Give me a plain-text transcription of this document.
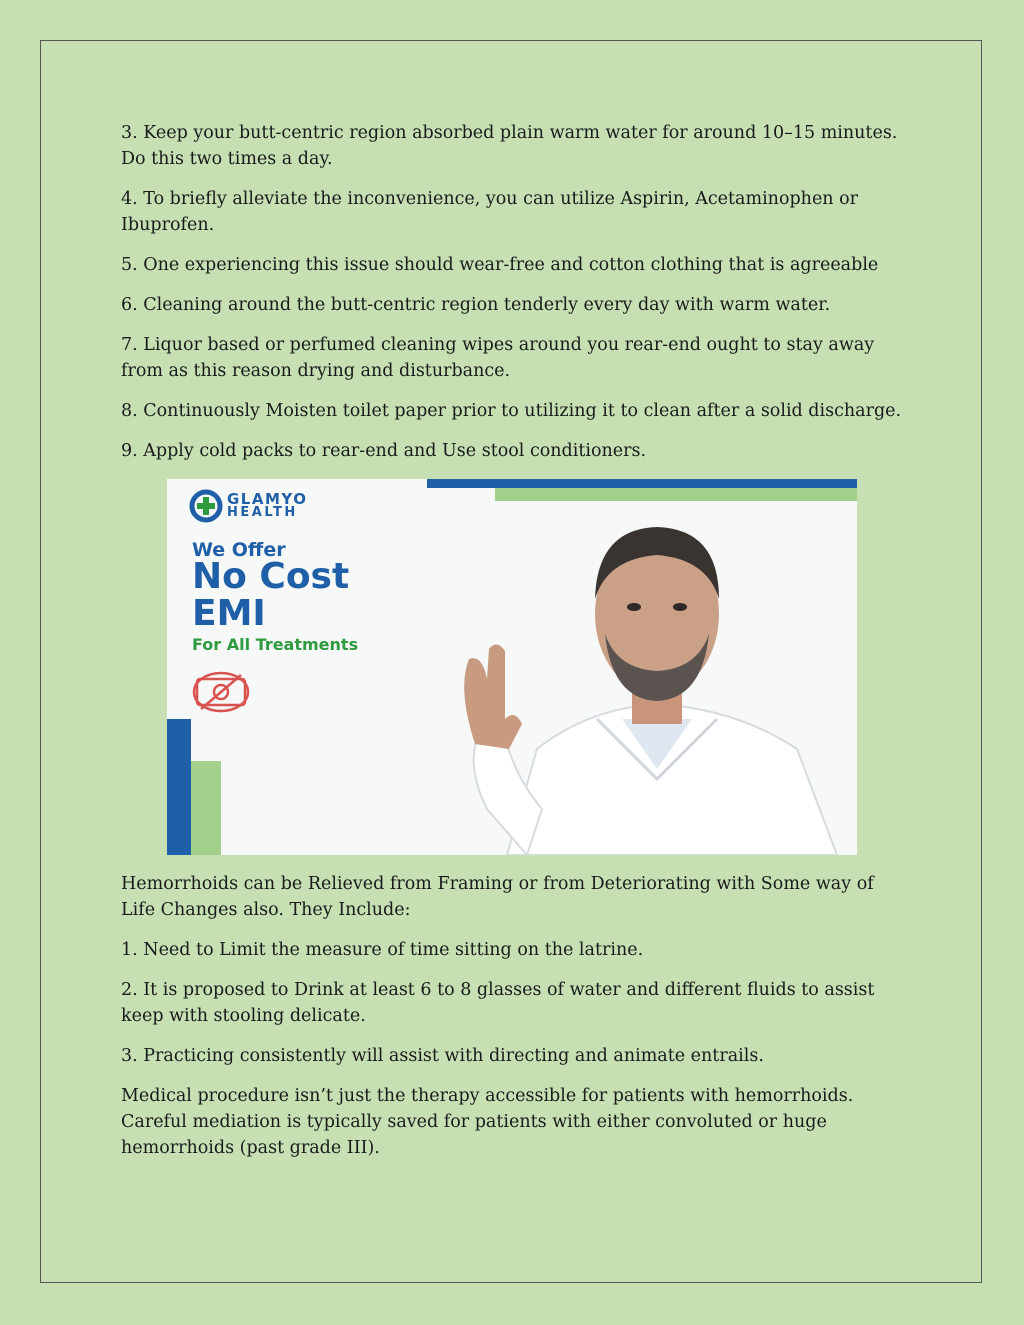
3. Keep your butt-centric region absorbed plain warm water for around 10–15 minutes. Do this two times a day.

4. To briefly alleviate the inconvenience, you can utilize Aspirin, Acetaminophen or Ibuprofen.

5. One experiencing this issue should wear-free and cotton clothing that is agreeable

6. Cleaning around the butt-centric region tenderly every day with warm water.

7. Liquor based or perfumed cleaning wipes around you rear-end ought to stay away from as this reason drying and disturbance.

8. Continuously Moisten toilet paper prior to utilizing it to clean after a solid discharge.

9. Apply cold packs to rear-end and Use stool conditioners.

GLAMYO
HEALTH
We Offer
No Cost
EMI
For All Treatments

Hemorrhoids can be Relieved from Framing or from Deteriorating with Some way of Life Changes also. They Include:

1. Need to Limit the measure of time sitting on the latrine.

2. It is proposed to Drink at least 6 to 8 glasses of water and different fluids to assist keep with stooling delicate.

3. Practicing consistently will assist with directing and animate entrails.

Medical procedure isn’t just the therapy accessible for patients with hemorrhoids. Careful mediation is typically saved for patients with either convoluted or huge hemorrhoids (past grade III).
